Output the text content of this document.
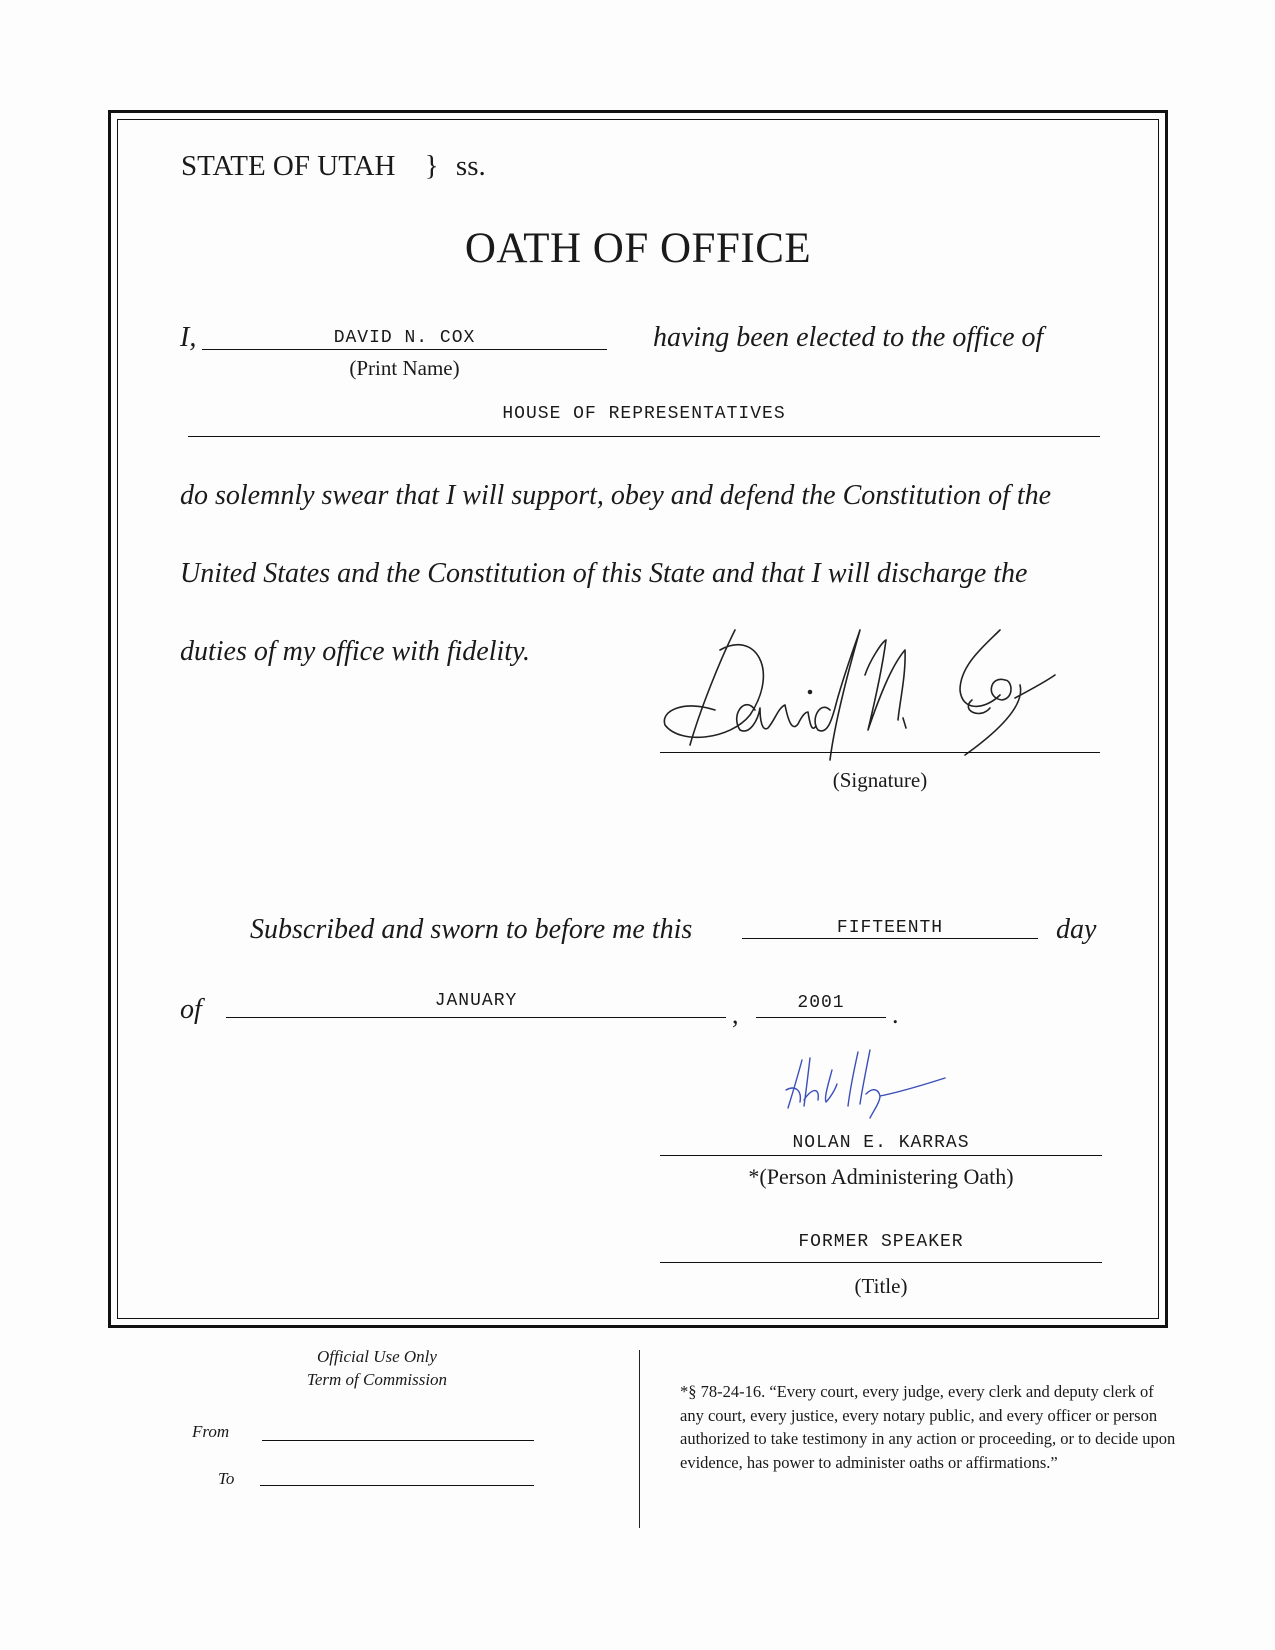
STATE OF UTAH } ss.
OATH OF OFFICE
I,	DAVID N. COX
(Print Name)
having been elected to the office of
HOUSE OF REPRESENTATIVES
do solemnly swear that I will support, obey and defend the Constitution of the
United States and the Constitution of this State and that I will discharge the
duties of my office with fidelity.
(Signature)
Subscribed and sworn to before me this	FIFTEENTH	day
of	JANUARY	,	2001	.
NOLAN E. KARRAS
*(Person Administering Oath)
FORMER SPEAKER
(Title)
Official Use Only
Term of Commission
From
To
*§ 78-24-16. “Every court, every judge, every clerk and deputy clerk of any court, every justice, every notary public, and every officer or person authorized to take testimony in any action or proceeding, or to decide upon evidence, has power to administer oaths or affirmations.”
